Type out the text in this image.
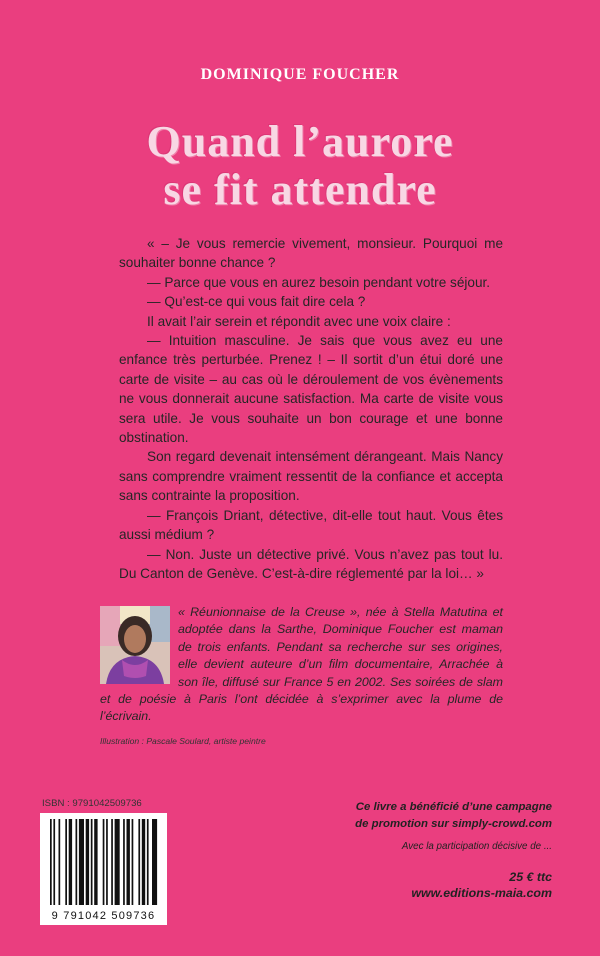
DOMINIQUE FOUCHER
Quand l’aurore
se fit attendre

« – Je vous remercie vivement, monsieur. Pourquoi me souhaiter bonne chance ?

— Parce que vous en aurez besoin pendant votre séjour.

— Qu’est-ce qui vous fait dire cela ?

Il avait l’air serein et répondit avec une voix claire :

— Intuition masculine. Je sais que vous avez eu une enfance très perturbée. Prenez ! – Il sortit d’un étui doré une carte de visite – au cas où le déroulement de vos évènements ne vous donnerait aucune satisfaction. Ma carte de visite vous sera utile. Je vous souhaite un bon courage et une bonne obstination.

Son regard devenait intensément dérangeant. Mais Nancy sans comprendre vraiment ressentit de la confiance et accepta sans contrainte la proposition.

— François Driant, détective, dit-elle tout haut. Vous êtes aussi médium ?

— Non. Juste un détective privé. Vous n’avez pas tout lu. Du Canton de Genève. C’est-à-dire réglementé par la loi… »

« Réunionnaise de la Creuse », née à Stella Matutina et adoptée dans la Sarthe, Dominique Foucher est maman de trois enfants. Pendant sa recherche sur ses origines, elle devient auteure d’un film documentaire, Arrachée à son île, diffusé sur France 5 en 2002. Ses soirées de slam et de poésie à Paris l’ont décidée à s’exprimer avec la plume de l’écrivain.
Illustration : Pascale Soulard, artiste peintre
ISBN : 9791042509736
9 791042 509736
Ce livre a bénéficié d’une campagne
de promotion sur simply-crowd.com
Avec la participation décisive de ...
25 € ttc
www.editions-maia.com
